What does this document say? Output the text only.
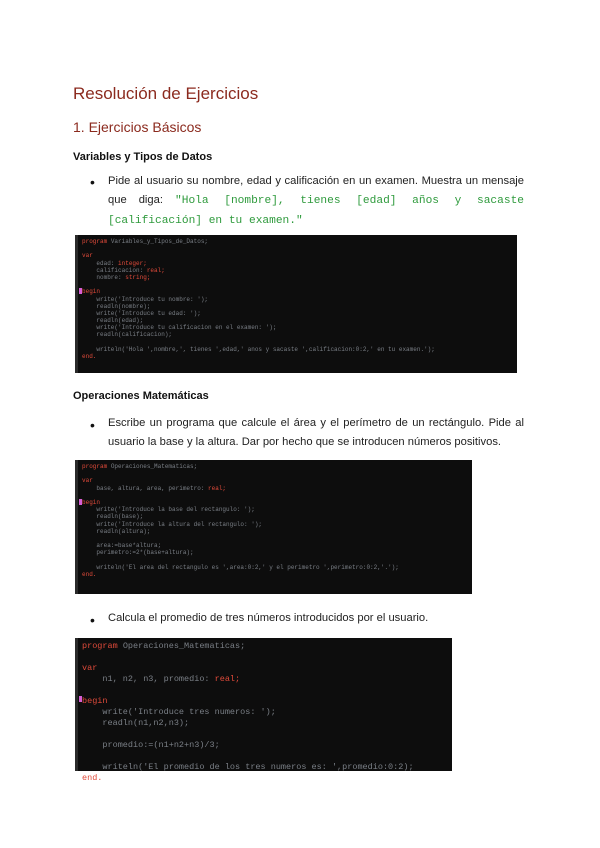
Resolución de Ejercicios
1. Ejercicios Básicos
Variables y Tipos de Datos
• Pide al usuario su nombre, edad y calificación en un examen. Muestra un mensaje que diga: "Hola [nombre], tienes [edad] años y sacaste [calificación] en tu examen."
program Variables_y_Tipos_de_Datos;

var
edad: integer;
calificacion: real;
nombre: string;

begin
write('Introduce tu nombre: ');
readln(nombre);
write('Introduce tu edad: ');
readln(edad);
write('Introduce tu calificacion en el examen: ');
readln(calificacion);

writeln('Hola ',nombre,', tienes ',edad,' anos y sacaste ',calificacion:0:2,' en tu examen.');
end.
Operaciones Matemáticas
• Escribe un programa que calcule el área y el perímetro de un rectángulo. Pide al usuario la base y la altura. Dar por hecho que se introducen números positivos.
program Operaciones_Matematicas;

var
base, altura, area, perimetro: real;

begin
write('Introduce la base del rectangulo: ');
readln(base);
write('Introduce la altura del rectangulo: ');
readln(altura);

area:=base*altura;
perimetro:=2*(base+altura);

writeln('El area del rectangulo es ',area:0:2,' y el perimetro ',perimetro:0:2,'.');
end.
• Calcula el promedio de tres números introducidos por el usuario.
program Operaciones_Matematicas;

var
n1, n2, n3, promedio: real;

begin
write('Introduce tres numeros: ');
readln(n1,n2,n3);

promedio:=(n1+n2+n3)/3;

writeln('El promedio de los tres numeros es: ',promedio:0:2);
end.
